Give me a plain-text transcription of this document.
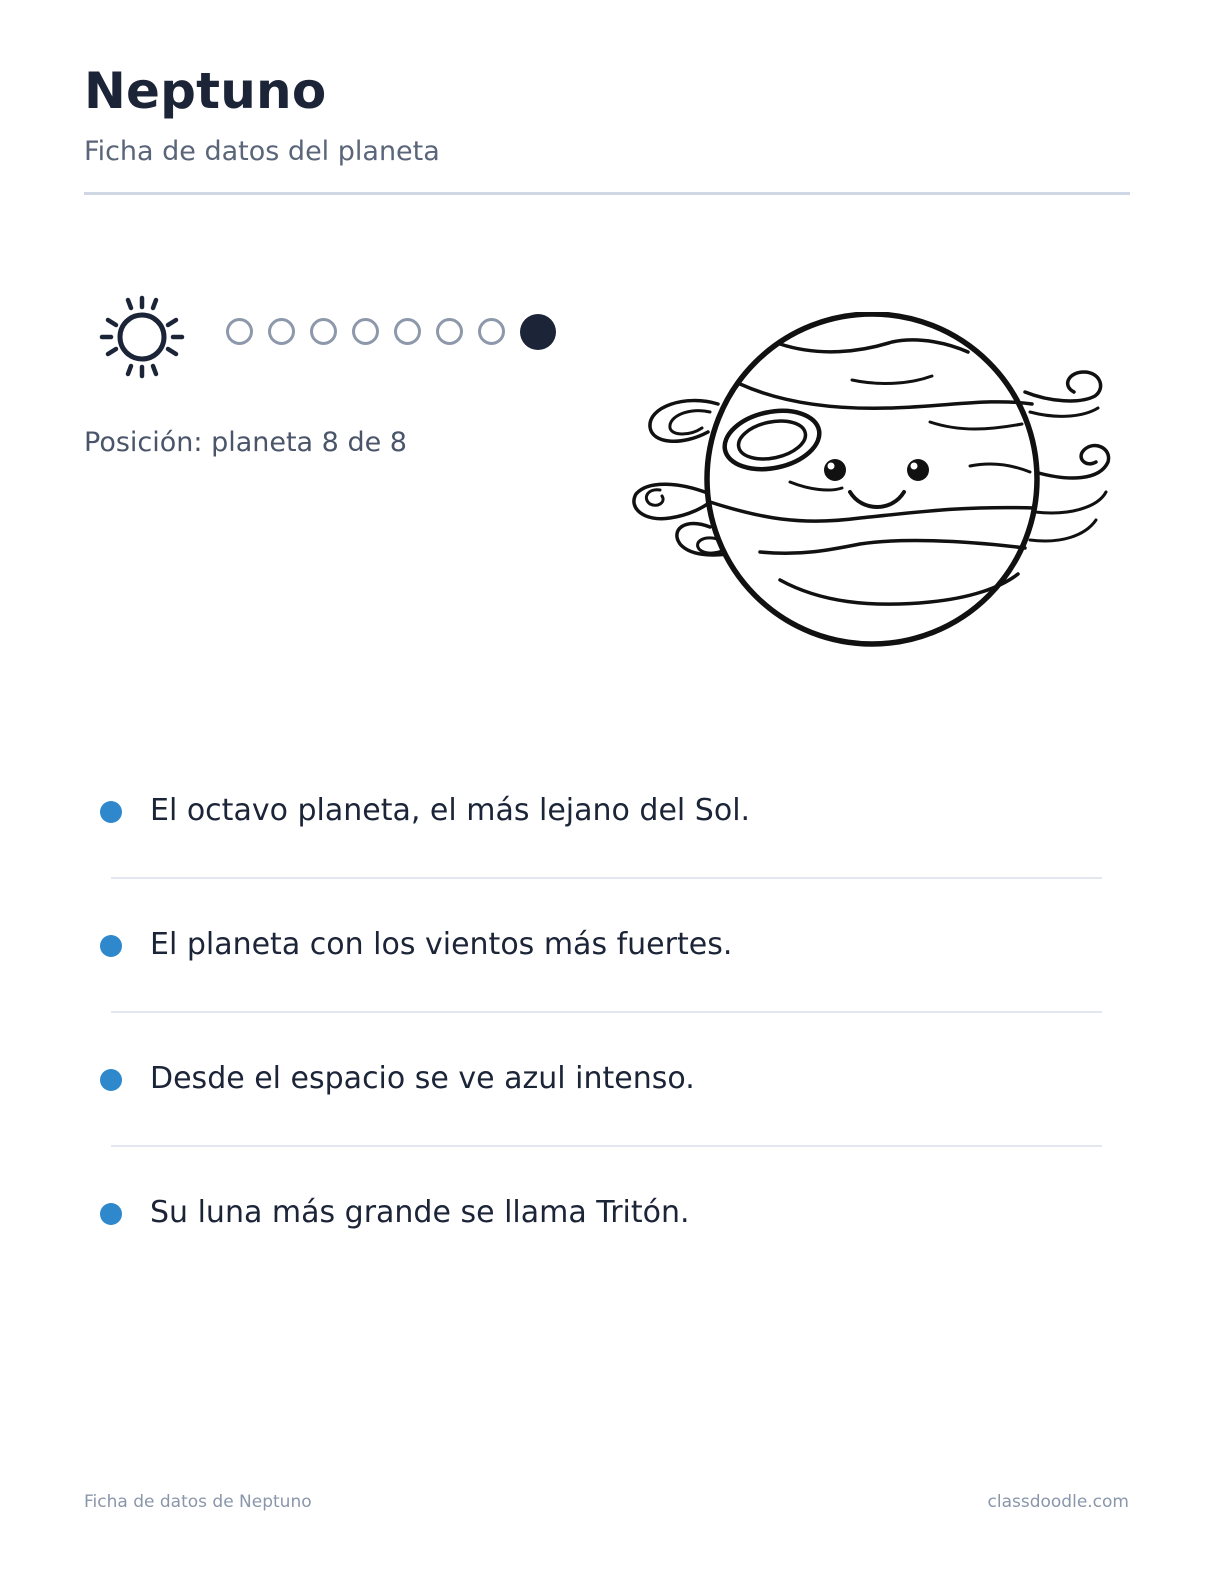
Neptuno
Ficha de datos del planeta
Posición: planeta 8 de 8
El octavo planeta, el más lejano del Sol.
El planeta con los vientos más fuertes.
Desde el espacio se ve azul intenso.
Su luna más grande se llama Tritón.
Ficha de datos de Neptuno	classdoodle.com
